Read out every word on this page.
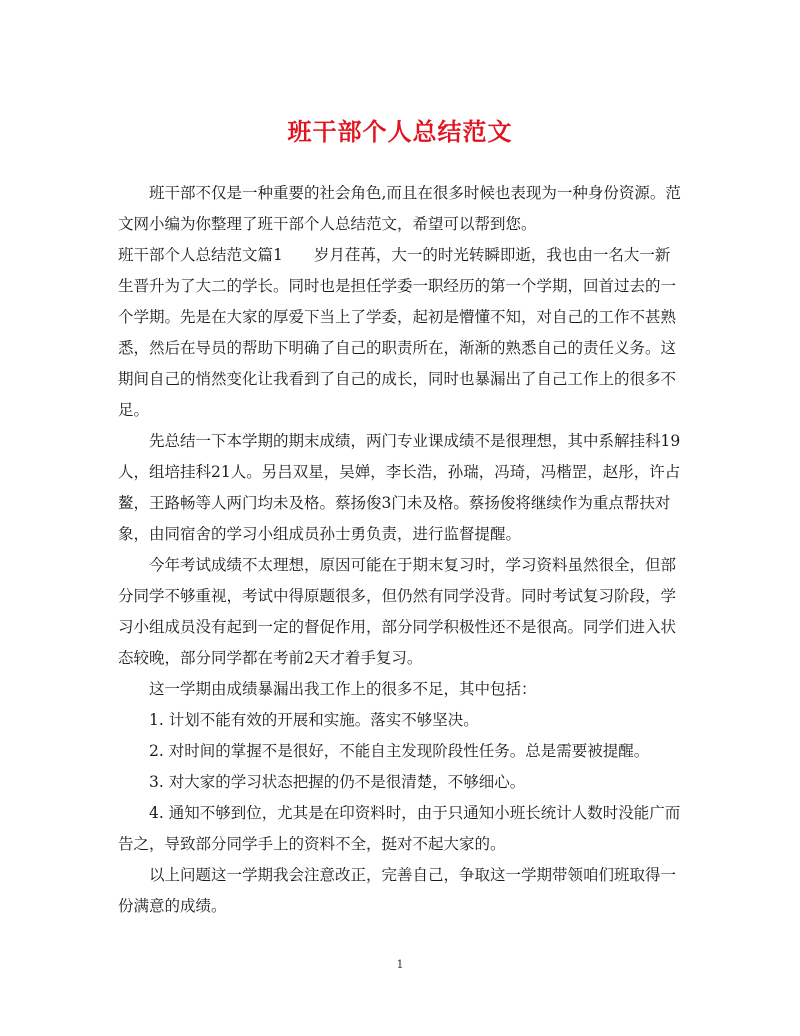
班干部个人总结范文

班干部不仅是一种重要的社会角色,而且在很多时候也表现为一种身份资源。范文网小编为你整理了班干部个人总结范文，希望可以帮到您。

班干部个人总结范文篇1　　岁月荏苒，大一的时光转瞬即逝，我也由一名大一新生晋升为了大二的学长。同时也是担任学委一职经历的第一个学期，回首过去的一个学期。先是在大家的厚爱下当上了学委，起初是懵懂不知，对自己的工作不甚熟悉，然后在导员的帮助下明确了自己的职责所在，渐渐的熟悉自己的责任义务。这期间自己的悄然变化让我看到了自己的成长，同时也暴漏出了自己工作上的很多不足。

先总结一下本学期的期末成绩，两门专业课成绩不是很理想，其中系解挂科19人，组培挂科21人。另吕双星，吴婵，李长浩，孙瑞，冯琦，冯楷罡，赵彤，许占鳌，王路畅等人两门均未及格。蔡扬俊3门未及格。蔡扬俊将继续作为重点帮扶对象，由同宿舍的学习小组成员孙士勇负责，进行监督提醒。

今年考试成绩不太理想，原因可能在于期末复习时，学习资料虽然很全，但部分同学不够重视，考试中得原题很多，但仍然有同学没背。同时考试复习阶段，学习小组成员没有起到一定的督促作用，部分同学积极性还不是很高。同学们进入状态较晚，部分同学都在考前2天才着手复习。

这一学期由成绩暴漏出我工作上的很多不足，其中包括：

1. 计划不能有效的开展和实施。落实不够坚决。

2. 对时间的掌握不是很好，不能自主发现阶段性任务。总是需要被提醒。

3. 对大家的学习状态把握的仍不是很清楚，不够细心。

4. 通知不够到位，尤其是在印资料时，由于只通知小班长统计人数时没能广而告之，导致部分同学手上的资料不全，挺对不起大家的。

以上问题这一学期我会注意改正，完善自己，争取这一学期带领咱们班取得一份满意的成绩。

1
